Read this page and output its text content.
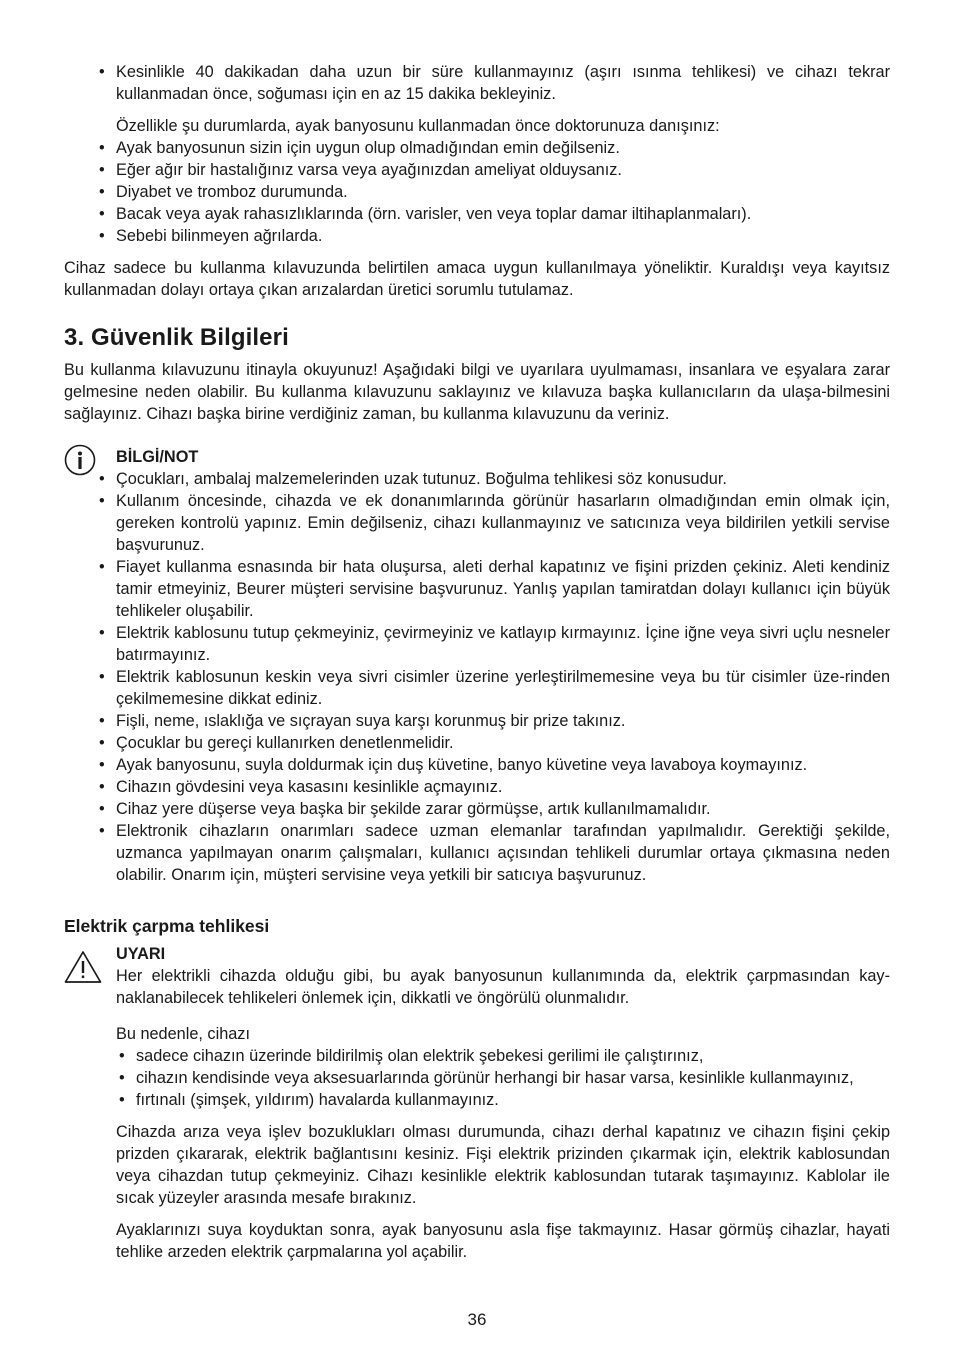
• Kesinlikle 40 dakikadan daha uzun bir süre kullanmayınız (aşırı ısınma tehlikesi) ve cihazı tekrar kullanmadan önce, soğuması için en az 15 dakika bekleyiniz.

Özellikle şu durumlarda, ayak banyosunu kullanmadan önce doktorunuza danışınız:

• Ayak banyosunun sizin için uygun olup olmadığından emin değilseniz.
• Eğer ağır bir hastalığınız varsa veya ayağınızdan ameliyat olduysanız.
• Diyabet ve tromboz durumunda.
• Bacak veya ayak rahasızlıklarında (örn. varisler, ven veya toplar damar iltihaplanmaları).
• Sebebi bilinmeyen ağrılarda.

Cihaz sadece bu kullanma kılavuzunda belirtilen amaca uygun kullanılmaya yöneliktir. Kuraldışı veya kayıtsız kullanmadan dolayı ortaya çıkan arızalardan üretici sorumlu tutulamaz.

3. Güvenlik Bilgileri

Bu kullanma kılavuzunu itinayla okuyunuz! Aşağıdaki bilgi ve uyarılara uyulmaması, insanlara ve eşyalara zarar gelmesine neden olabilir. Bu kullanma kılavuzunu saklayınız ve kılavuza başka kullanıcıların da ulaşa-bilmesini sağlayınız. Cihazı başka birine verdiğiniz zaman, bu kullanma kılavuzunu da veriniz.

BİLGİ/NOT

• Çocukları, ambalaj malzemelerinden uzak tutunuz. Boğulma tehlikesi söz konusudur.
• Kullanım öncesinde, cihazda ve ek donanımlarında görünür hasarların olmadığından emin olmak için, gereken kontrolü yapınız. Emin değilseniz, cihazı kullanmayınız ve satıcınıza veya bildirilen yetkili servise başvurunuz.
• Fiayet kullanma esnasında bir hata oluşursa, aleti derhal kapatınız ve fişini prizden çekiniz. Aleti kendiniz tamir etmeyiniz, Beurer müşteri servisine başvurunuz. Yanlış yapılan tamiratdan dolayı kullanıcı için büyük tehlikeler oluşabilir.
• Elektrik kablosunu tutup çekmeyiniz, çevirmeyiniz ve katlayıp kırmayınız. İçine iğne veya sivri uçlu nesneler batırmayınız.
• Elektrik kablosunun keskin veya sivri cisimler üzerine yerleştirilmemesine veya bu tür cisimler üze-rinden çekilmemesine dikkat ediniz.
• Fişli, neme, ıslaklığa ve sıçrayan suya karşı korunmuş bir prize takınız.
• Çocuklar bu gereçi kullanırken denetlenmelidir.
• Ayak banyosunu, suyla doldurmak için duş küvetine, banyo küvetine veya lavaboya koymayınız.
• Cihazın gövdesini veya kasasını kesinlikle açmayınız.
• Cihaz yere düşerse veya başka bir şekilde zarar görmüşse, artık kullanılmamalıdır.
• Elektronik cihazların onarımları sadece uzman elemanlar tarafından yapılmalıdır. Gerektiği şekilde, uzmanca yapılmayan onarım çalışmaları, kullanıcı açısından tehlikeli durumlar ortaya çıkmasına neden olabilir. Onarım için, müşteri servisine veya yetkili bir satıcıya başvurunuz.

Elektrik çarpma tehlikesi

UYARI

Her elektrikli cihazda olduğu gibi, bu ayak banyosunun kullanımında da, elektrik çarpmasından kay-naklanabilecek tehlikeleri önlemek için, dikkatli ve öngörülü olunmalıdır.

Bu nedenle, cihazı

• sadece cihazın üzerinde bildirilmiş olan elektrik şebekesi gerilimi ile çalıştırınız,
• cihazın kendisinde veya aksesuarlarında görünür herhangi bir hasar varsa, kesinlikle kullanmayınız,
• fırtınalı (şimşek, yıldırım) havalarda kullanmayınız.

Cihazda arıza veya işlev bozuklukları olması durumunda, cihazı derhal kapatınız ve cihazın fişini çekip prizden çıkararak, elektrik bağlantısını kesiniz. Fişi elektrik prizinden çıkarmak için, elektrik kablosundan veya cihazdan tutup çekmeyiniz. Cihazı kesinlikle elektrik kablosundan tutarak taşımayınız. Kablolar ile sıcak yüzeyler arasında mesafe bırakınız.

Ayaklarınızı suya koyduktan sonra, ayak banyosunu asla fişe takmayınız. Hasar görmüş cihazlar, hayati tehlike arzeden elektrik çarpmalarına yol açabilir.

36
